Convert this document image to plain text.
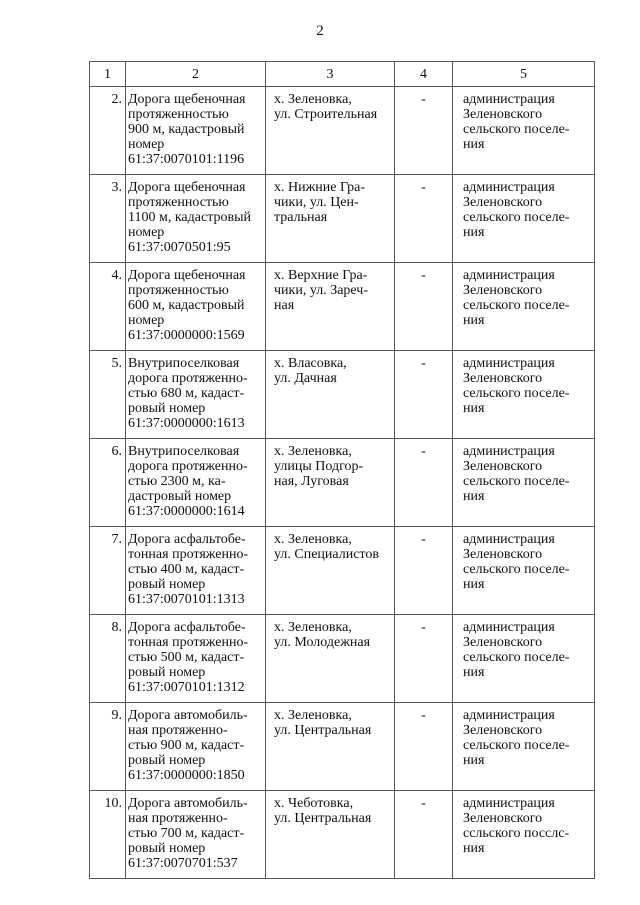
2
1	2	3	4	5
2.	Дорога щебеночная
протяженностью
900 м, кадастровый
номер
61:37:0070101:1196	х. Зеленовка,
ул. Строительная	-	администрация
Зеленовского
сельского поселе-
ния

3.	Дорога щебеночная
протяженностью
1100 м, кадастровый
номер
61:37:0070501:95	х. Нижние Гра-
чики, ул. Цен-
тральная	-	администрация
Зеленовского
сельского поселе-
ния

4.	Дорога щебеночная
протяженностью
600 м, кадастровый
номер
61:37:0000000:1569	х. Верхние Гра-
чики, ул. Зареч-
ная	-	администрация
Зеленовского
сельского поселе-
ния

5.	Внутрипоселковая
дорога протяженно-
стью 680 м, кадаст-
ровый номер
61:37:0000000:1613	х. Власовка,
ул. Дачная	-	администрация
Зеленовского
сельского поселе-
ния

6.	Внутрипоселковая
дорога протяженно-
стью 2300 м, ка-
дастровый номер
61:37:0000000:1614	х. Зеленовка,
улицы Подгор-
ная, Луговая	-	администрация
Зеленовского
сельского поселе-
ния

7.	Дорога асфальтобе-
тонная протяженно-
стью 400 м, кадаст-
ровый номер
61:37:0070101:1313	х. Зеленовка,
ул. Специалистов	-	администрация
Зеленовского
сельского поселе-
ния

8.	Дорога асфальтобе-
тонная протяженно-
стью 500 м, кадаст-
ровый номер
61:37:0070101:1312	х. Зеленовка,
ул. Молодежная	-	администрация
Зеленовского
сельского поселе-
ния

9.	Дорога автомобиль-
ная протяженно-
стью 900 м, кадаст-
ровый номер
61:37:0000000:1850	х. Зеленовка,
ул. Центральная	-	администрация
Зеленовского
сельского поселе-
ния

10.	Дорога автомобиль-
ная протяженно-
стью 700 м, кадаст-
ровый номер
61:37:0070701:537	х. Чеботовка,
ул. Центральная	-	администрация
Зеленовского
ссльского посслс-
ния
